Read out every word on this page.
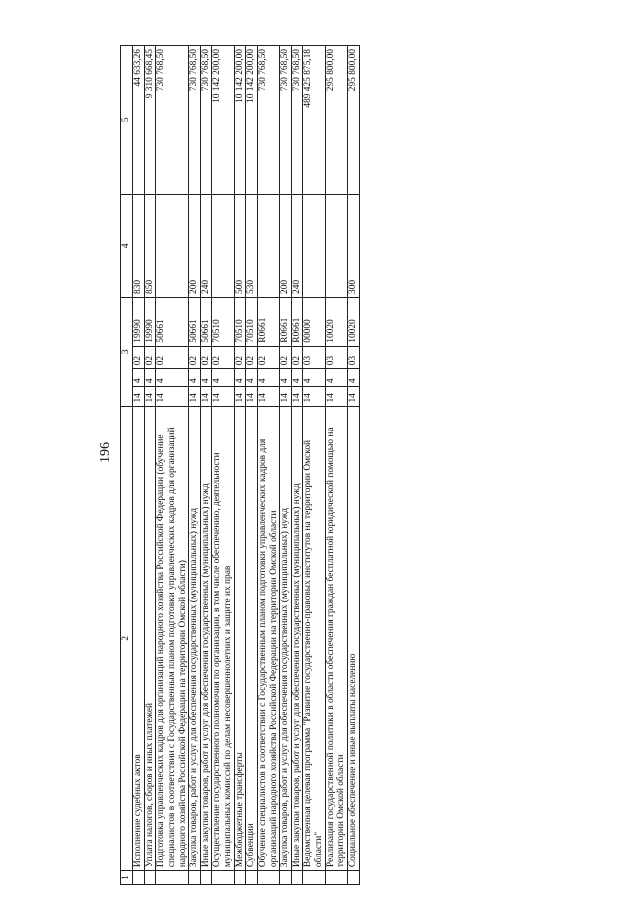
196
1	2	3				4	5
	Исполнение судебных актов	14	4	02	19990	830	44 633,26
	Уплата налогов, сборов и иных платежей	14	4	02	19990	850	9 310 668,45
	Подготовка управленческих кадров для организаций народного хозяйства Российской Федерации (обучение специалистов в соответствии с Государственным планом подготовки управленческих кадров для организаций народного хозяйства Российской Федерации на территории Омской области)	14	4	02	50661		730 768,50
	Закупка товаров, работ и услуг для обеспечения государственных (муниципальных) нужд	14	4	02	50661	200	730 768,50
	Иные закупки товаров, работ и услуг для обеспечения государственных (муниципальных) нужд	14	4	02	50661	240	730 768,50
	Осуществление государственного полномочия по организации, в том числе обеспечению, деятельности муниципальных комиссий по делам несовершеннолетних и защите их прав	14	4	02	70510		10 142 200,00
	Межбюджетные трансферты	14	4	02	70510	500	10 142 200,00
	Субвенции	14	4	02	70510	530	10 142 200,00
	Обучение специалистов в соответствии с Государственным планом подготовки управленческих кадров для организаций народного хозяйства Российской Федерации на территории Омской области	14	4	02	R0661		730 768,50
	Закупка товаров, работ и услуг для обеспечения государственных (муниципальных) нужд	14	4	02	R0661	200	730 768,50
	Иные закупки товаров, работ и услуг для обеспечения государственных (муниципальных) нужд	14	4	02	R0661	240	730 768,50
	Ведомственная целевая программа "Развитие государственно-правовых институтов на территории Омской области"	14	4	03	00000		489 425 875,18
	Реализация государственной политики в области обеспечения граждан бесплатной юридической помощью на территории Омской области	14	4	03	10020		295 800,00
	Социальное обеспечение и иные выплаты населению	14	4	03	10020	300	295 800,00
